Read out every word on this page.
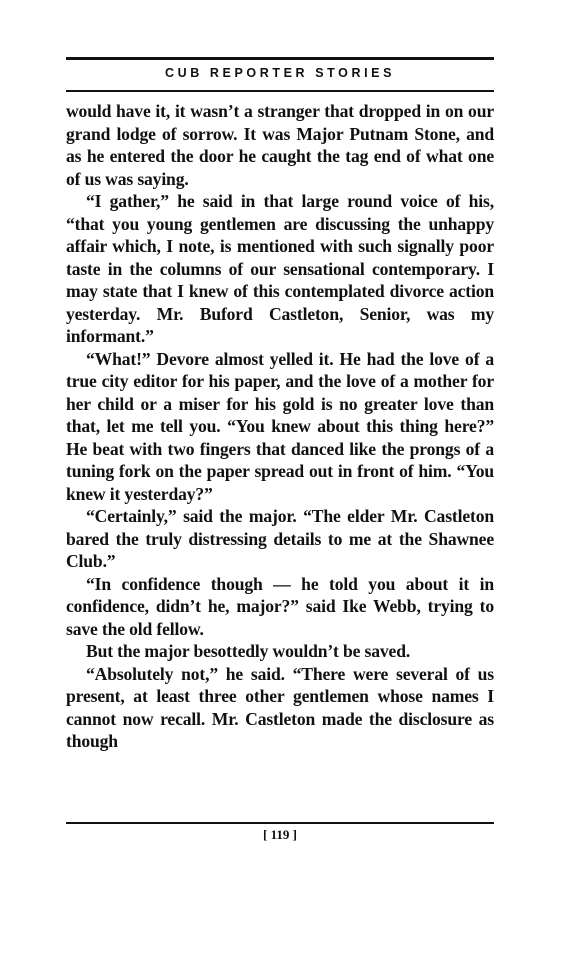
CUB REPORTER STORIES

would have it, it wasn’t a stranger that dropped in on our grand lodge of sorrow. It was Major Putnam Stone, and as he entered the door he caught the tag end of what one of us was saying.

“I gather,” he said in that large round voice of his, “that you young gentlemen are discussing the unhappy affair which, I note, is mentioned with such signally poor taste in the columns of our sensational contemporary. I may state that I knew of this contemplated divorce action yesterday. Mr. Buford Castleton, Senior, was my informant.”

“What!” Devore almost yelled it. He had the love of a true city editor for his paper, and the love of a mother for her child or a miser for his gold is no greater love than that, let me tell you. “You knew about this thing here?” He beat with two fingers that danced like the prongs of a tuning fork on the paper spread out in front of him. “You knew it yesterday?”

“Certainly,” said the major. “The elder Mr. Castleton bared the truly distressing details to me at the Shawnee Club.”

“In confidence though — he told you about it in confidence, didn’t he, major?” said Ike Webb, trying to save the old fellow.

But the major besottedly wouldn’t be saved.

“Absolutely not,” he said. “There were several of us present, at least three other gentlemen whose names I cannot now recall. Mr. Castleton made the disclosure as though

[ 119 ]
